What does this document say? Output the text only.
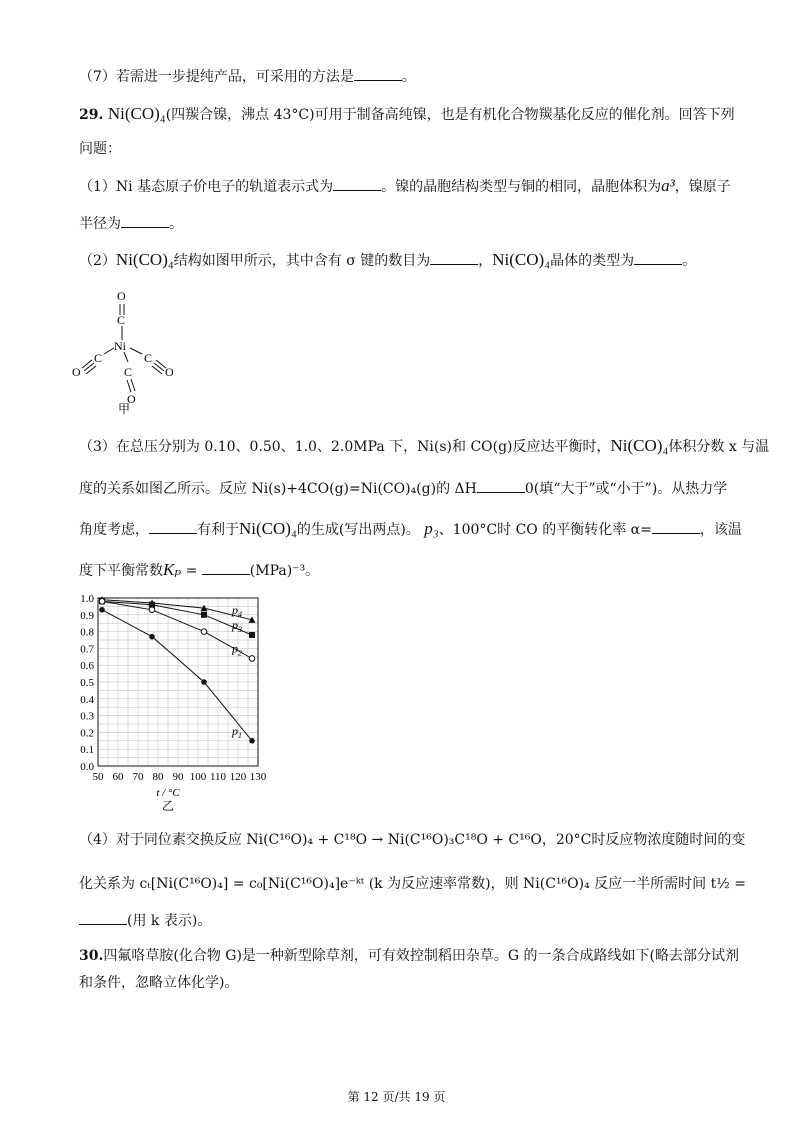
（7）若需进一步提纯产品，可采用的方法是	。
29. Ni(CO)₄(四羰合镍，沸点 43°C)可用于制备高纯镍，也是有机化合物羰基化反应的催化剂。回答下列
问题：
（1）Ni 基态原子价电子的轨道表示式为	。镍的晶胞结构类型与铜的相同，晶胞体积为a³，镍原子
半径为	。
（2）Ni(CO)₄结构如图甲所示，其中含有 σ 键的数目为	，Ni(CO)₄晶体的类型为	。
O
C
Ni
C	C
C
O	O
O
甲
（3）在总压分别为 0.10、0.50、1.0、2.0MPa 下，Ni(s)和 CO(g)反应达平衡时，Ni(CO)₄体积分数 x 与温
度的关系如图乙所示。反应 Ni(s)+4CO(g)=Ni(CO)₄(g)的 ΔH	0(填“大于”或“小于”)。从热力学
角度考虑，	有利于Ni(CO)₄的生成(写出两点)。 p₃、100°C时 CO 的平衡转化率 α=	，该温
度下平衡常数Kₚ =	(MPa)⁻³。
50 60 70 80 90 100 110 120 130
0.0
0.1
0.2
0.3
0.4
0.5
0.6
0.7
0.8
0.9
1.0
t / °C
乙
$p_4$
$p_3$
$p_2$
$p_1$
（4）对于同位素交换反应 Ni(C¹⁶O)₄ + C¹⁸O → Ni(C¹⁶O)₃C¹⁸O + C¹⁶O，20°C时反应物浓度随时间的变
化关系为 cₜ[Ni(C¹⁶O)₄] = c₀[Ni(C¹⁶O)₄]e⁻ᵏᵗ (k 为反应速率常数)，则 Ni(C¹⁶O)₄ 反应一半所需时间 t½ =
(用 k 表示)。
30.四氟咯草胺(化合物 G)是一种新型除草剂，可有效控制稻田杂草。G 的一条合成路线如下(略去部分试剂
和条件，忽略立体化学)。
第 12 页/共 19 页
